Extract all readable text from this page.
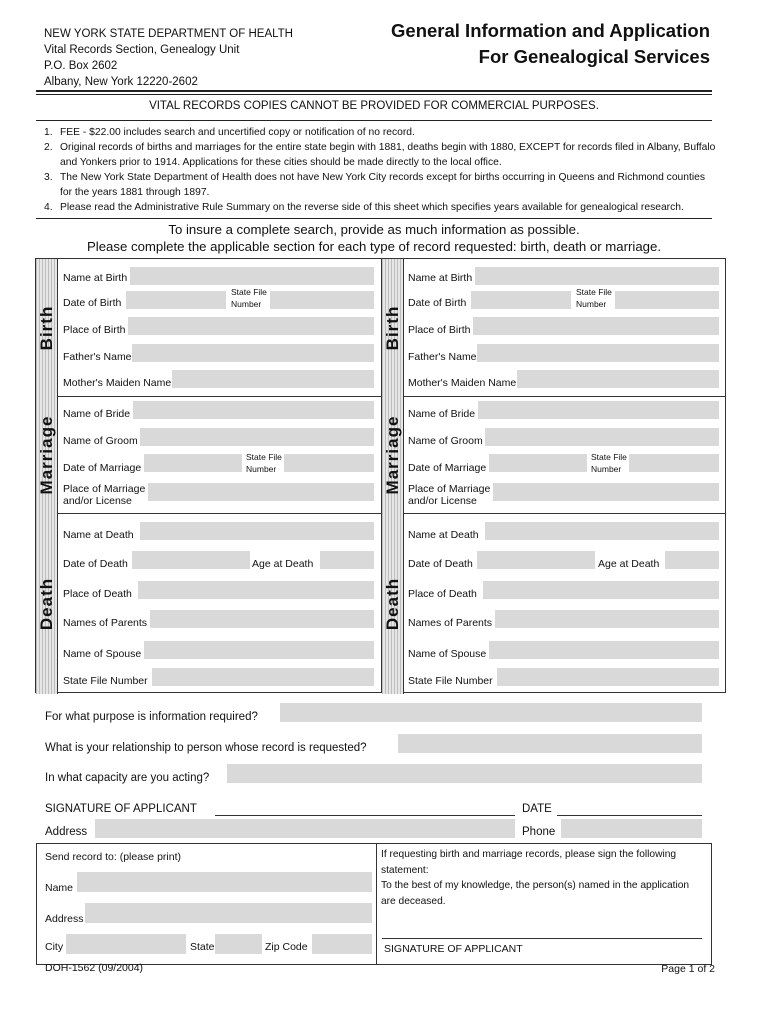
NEW YORK STATE DEPARTMENT OF HEALTH
Vital Records Section, Genealogy Unit
P.O. Box 2602
Albany, New York 12220-2602
General Information and Application
For Genealogical Services
VITAL RECORDS COPIES CANNOT BE PROVIDED FOR COMMERCIAL PURPOSES.
1. FEE - $22.00 includes search and uncertified copy or notification of no record.
2. Original records of births and marriages for the entire state begin with 1881, deaths begin with 1880, EXCEPT for records filed in Albany, Buffalo and Yonkers prior to 1914. Applications for these cities should be made directly to the local office.
3. The New York State Department of Health does not have New York City records except for births occurring in Queens and Richmond counties for the years 1881 through 1897.
4. Please read the Administrative Rule Summary on the reverse side of this sheet which specifies years available for genealogical research.
To insure a complete search, provide as much information as possible.
Please complete the applicable section for each type of record requested: birth, death or marriage.
Birth
Marriage
Death
Name at Birth
Date of Birth
State File
Number
Place of Birth
Father's Name
Mother's Maiden Name
Name of Bride
Name of Groom
Date of Marriage
State File
Number
Place of Marriage
and/or License
Name at Death
Date of Death	Age at Death
Place of Death
Names of Parents
Name of Spouse
State File Number
Birth
Marriage
Death
Name at Birth
Date of Birth
State File
Number
Place of Birth
Father's Name
Mother's Maiden Name
Name of Bride
Name of Groom
Date of Marriage
State File
Number
Place of Marriage
and/or License
Name at Death
Date of Death	Age at Death
Place of Death
Names of Parents
Name of Spouse
State File Number
For what purpose is information required?
What is your relationship to person whose record is requested?
In what capacity are you acting?
SIGNATURE OF APPLICANT	DATE
Address	Phone
Send record to: (please print)
Name
Address
City	State	Zip Code
If requesting birth and marriage records, please sign the following
statement:
To the best of my knowledge, the person(s) named in the application
are deceased.
SIGNATURE OF APPLICANT
DOH-1562 (09/2004)	Page 1 of 2
